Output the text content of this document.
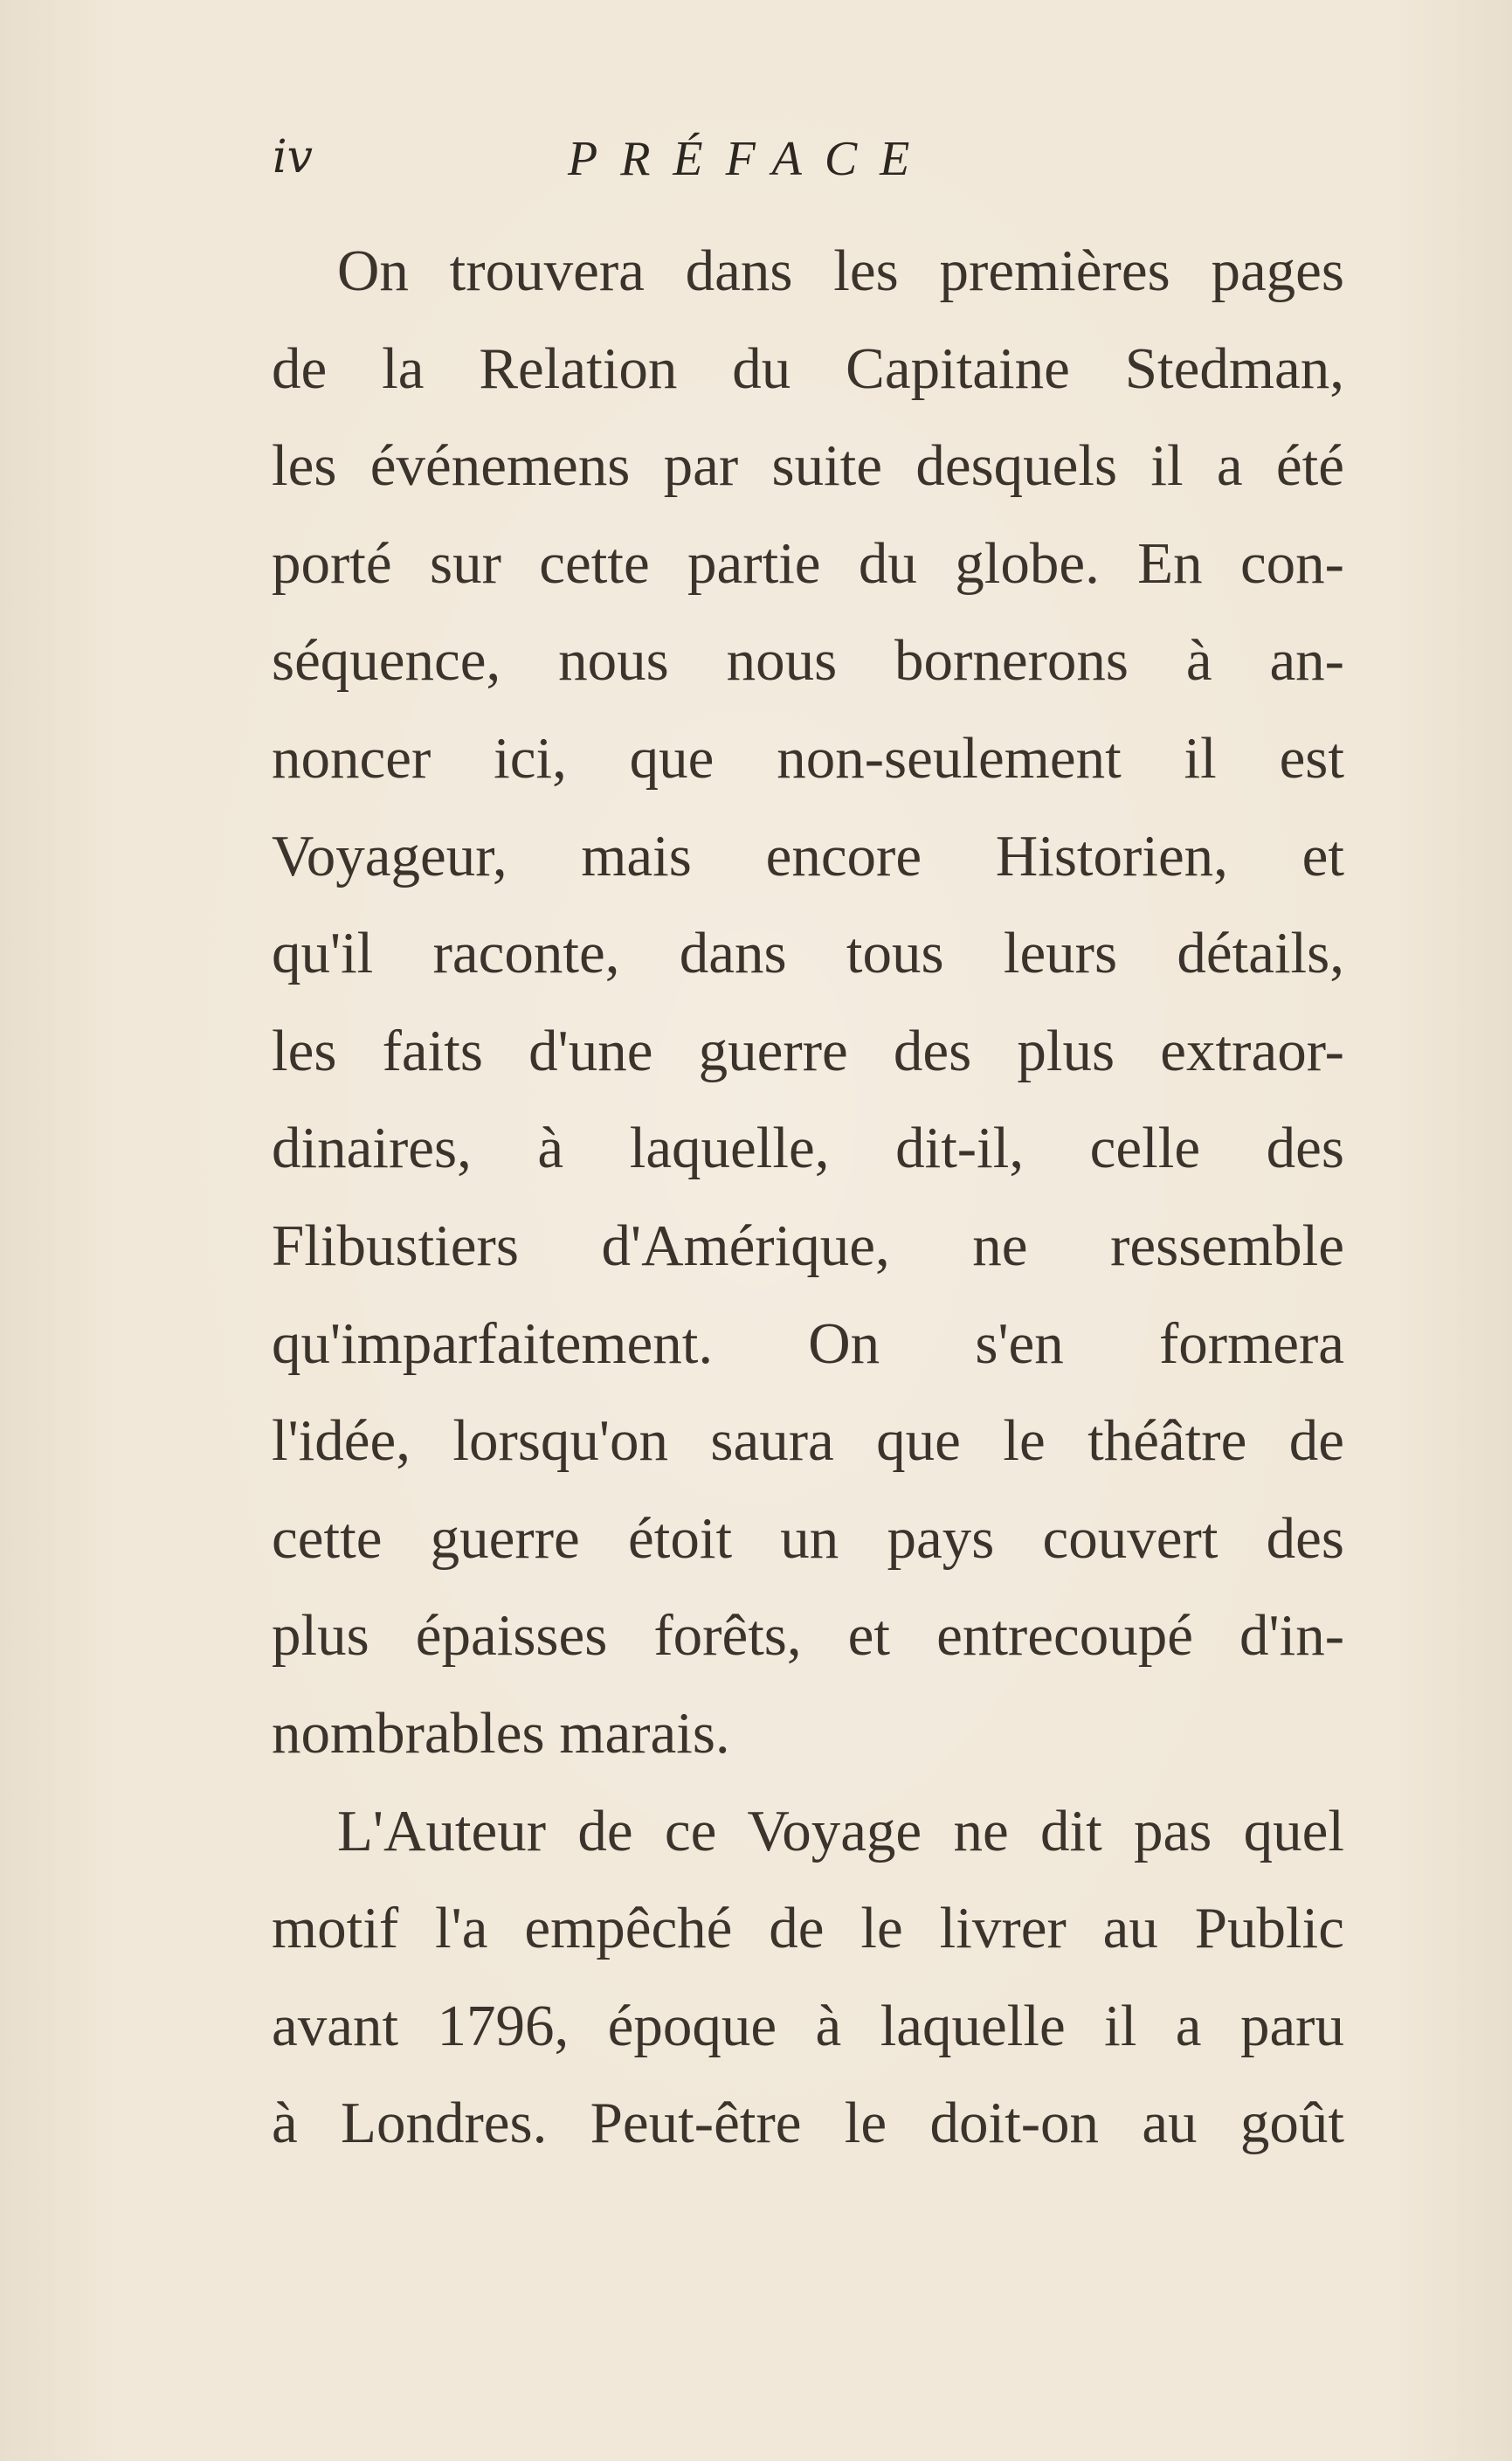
iv	PRÉFACE
On trouvera dans les premières pages
de la Relation du Capitaine Stedman,
les événemens par suite desquels il a été
porté sur cette partie du globe. En con-
séquence, nous nous bornerons à an-
noncer ici, que non-seulement il est
Voyageur, mais encore Historien, et
qu'il raconte, dans tous leurs détails,
les faits d'une guerre des plus extraor-
dinaires, à laquelle, dit-il, celle des
Flibustiers d'Amérique, ne ressemble
qu'imparfaitement. On s'en formera
l'idée, lorsqu'on saura que le théâtre de
cette guerre étoit un pays couvert des
plus épaisses forêts, et entrecoupé d'in-
nombrables marais.
L'Auteur de ce Voyage ne dit pas quel
motif l'a empêché de le livrer au Public
avant 1796, époque à laquelle il a paru
à Londres. Peut-être le doit-on au goût
